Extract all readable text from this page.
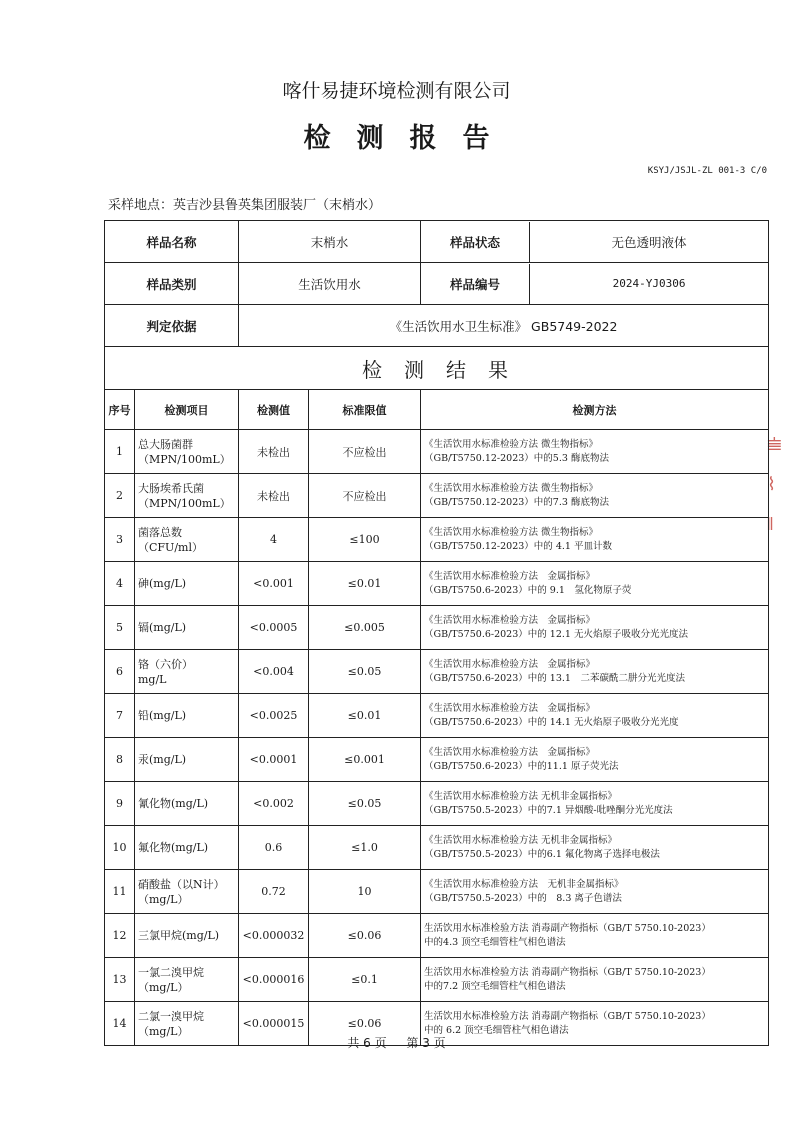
喀什易捷环境检测有限公司
检测报告
KSYJ/JSJL-ZL 001-3 C/0
采样地点：英吉沙县鲁英集团服装厂（末梢水）
𝍨
⌇
𝍪
样品名称		末梢水		样品状态 无色透明液体

样品类别		生活饮用水		样品编号 2024-YJ0306

判定依据		《生活饮用水卫生标准》 GB5749-2022		
检测结果				
序号	检测项目	检测值	标准限值	检测方法
1	总大肠菌群
（MPN/100mL）	未检出	不应检出	《生活饮用水标准检验方法 微生物指标》
（GB/T5750.12-2023）中的5.3 酶底物法
2	大肠埃希氏菌
（MPN/100mL）	未检出	不应检出	《生活饮用水标准检验方法 微生物指标》
（GB/T5750.12-2023）中的7.3 酶底物法
3	菌落总数
（CFU/ml）	4	≤100	《生活饮用水标准检验方法 微生物指标》
（GB/T5750.12-2023）中的 4.1 平皿计数
4	砷(mg/L)	<0.001	≤0.01	《生活饮用水标准检验方法　金属指标》
（GB/T5750.6-2023）中的 9.1　氢化物原子荧
5	镉(mg/L)	<0.0005	≤0.005	《生活饮用水标准检验方法　金属指标》
（GB/T5750.6-2023）中的 12.1 无火焰原子吸收分光光度法
6	铬（六价）
mg/L	<0.004	≤0.05	《生活饮用水标准检验方法　金属指标》
（GB/T5750.6-2023）中的 13.1　二苯碳酰二肼分光光度法
7	铅(mg/L)	<0.0025	≤0.01	《生活饮用水标准检验方法　金属指标》
（GB/T5750.6-2023）中的 14.1 无火焰原子吸收分光光度
8	汞(mg/L)	<0.0001	≤0.001	《生活饮用水标准检验方法　金属指标》
（GB/T5750.6-2023）中的11.1 原子荧光法
9	氰化物(mg/L)	<0.002	≤0.05	《生活饮用水标准检验方法 无机非金属指标》
（GB/T5750.5-2023）中的7.1 异烟酸-吡唑酮分光光度法
10	氟化物(mg/L)	0.6	≤1.0	《生活饮用水标准检验方法 无机非金属指标》
（GB/T5750.5-2023）中的6.1 氟化物离子选择电极法
11	硝酸盐（以N计）
（mg/L）	0.72	10	《生活饮用水标准检验方法　无机非金属指标》
（GB/T5750.5-2023）中的　8.3 离子色谱法
12	三氯甲烷(mg/L)	<0.000032	≤0.06	生活饮用水标准检验方法 消毒副产物指标（GB/T 5750.10-2023）
中的4.3 顶空毛细管柱气相色谱法
13	一氯二溴甲烷
（mg/L）	<0.000016	≤0.1	生活饮用水标准检验方法 消毒副产物指标（GB/T 5750.10-2023）
中的7.2 顶空毛细管柱气相色谱法
14	二氯一溴甲烷
（mg/L）	<0.000015	≤0.06	生活饮用水标准检验方法 消毒副产物指标（GB/T 5750.10-2023）
中的 6.2 顶空毛细管柱气相色谱法
共 6 页 第 3 页
